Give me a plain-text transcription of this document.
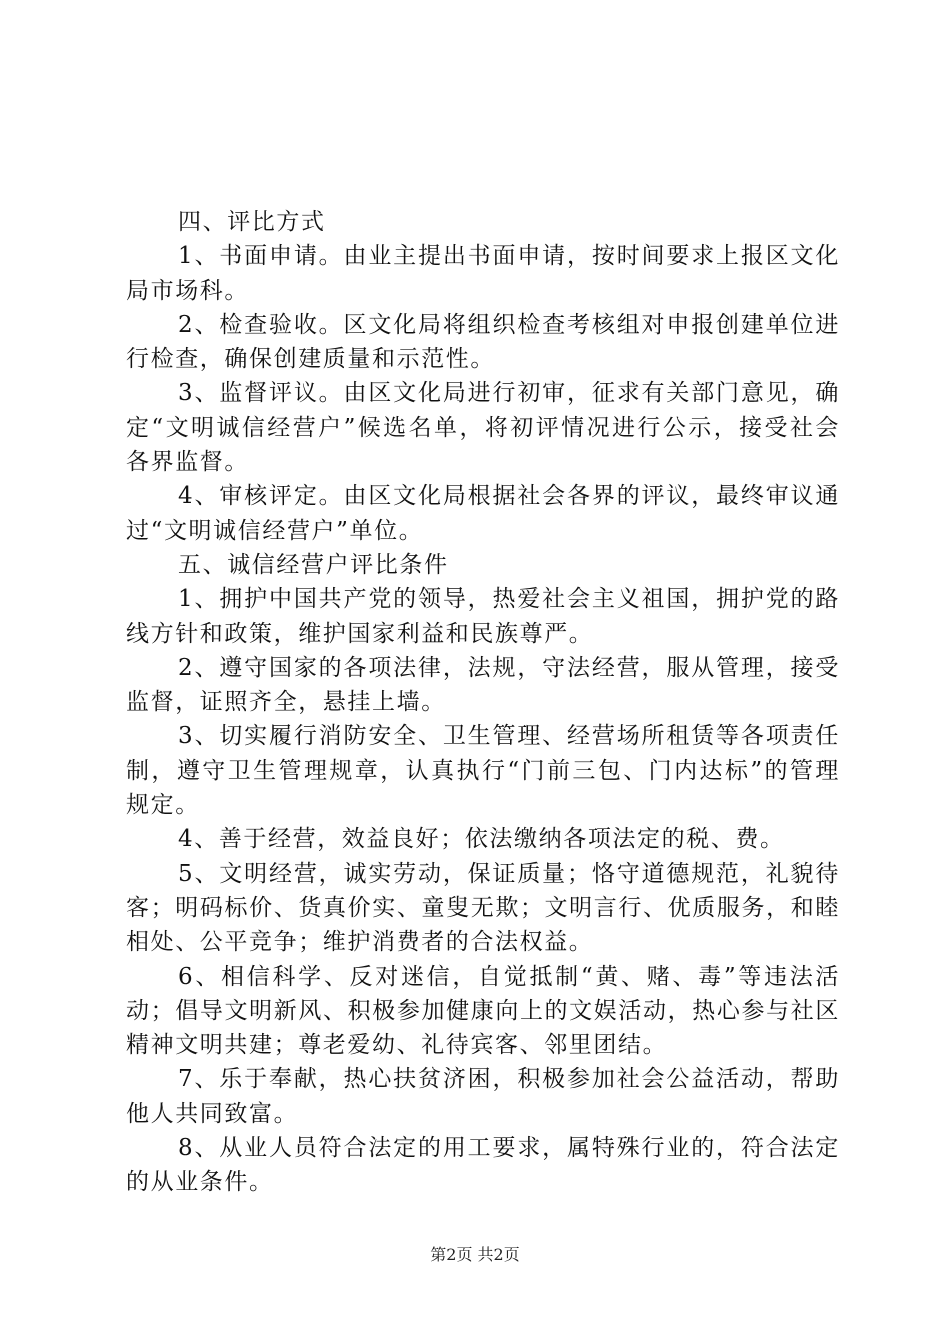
四、评比方式

1、书面申请。由业主提出书面申请，按时间要求上报区文化局市场科。

2、检查验收。区文化局将组织检查考核组对申报创建单位进行检查，确保创建质量和示范性。

3、监督评议。由区文化局进行初审，征求有关部门意见，确定“文明诚信经营户”候选名单，将初评情况进行公示，接受社会各界监督。

4、审核评定。由区文化局根据社会各界的评议，最终审议通过“文明诚信经营户”单位。

五、诚信经营户评比条件

1、拥护中国共产党的领导，热爱社会主义祖国，拥护党的路线方针和政策，维护国家利益和民族尊严。

2、遵守国家的各项法律，法规，守法经营，服从管理，接受监督，证照齐全，悬挂上墙。

3、切实履行消防安全、卫生管理、经营场所租赁等各项责任制，遵守卫生管理规章，认真执行“门前三包、门内达标”的管理规定。

4、善于经营，效益良好；依法缴纳各项法定的税、费。

5、文明经营，诚实劳动，保证质量；恪守道德规范，礼貌待客；明码标价、货真价实、童叟无欺；文明言行、优质服务，和睦相处、公平竞争；维护消费者的合法权益。

6、相信科学、反对迷信，自觉抵制“黄、赌、毒”等违法活动；倡导文明新风、积极参加健康向上的文娱活动，热心参与社区精神文明共建；尊老爱幼、礼待宾客、邻里团结。

7、乐于奉献，热心扶贫济困，积极参加社会公益活动，帮助他人共同致富。

8、从业人员符合法定的用工要求，属特殊行业的，符合法定的从业条件。

第2页 共2页
